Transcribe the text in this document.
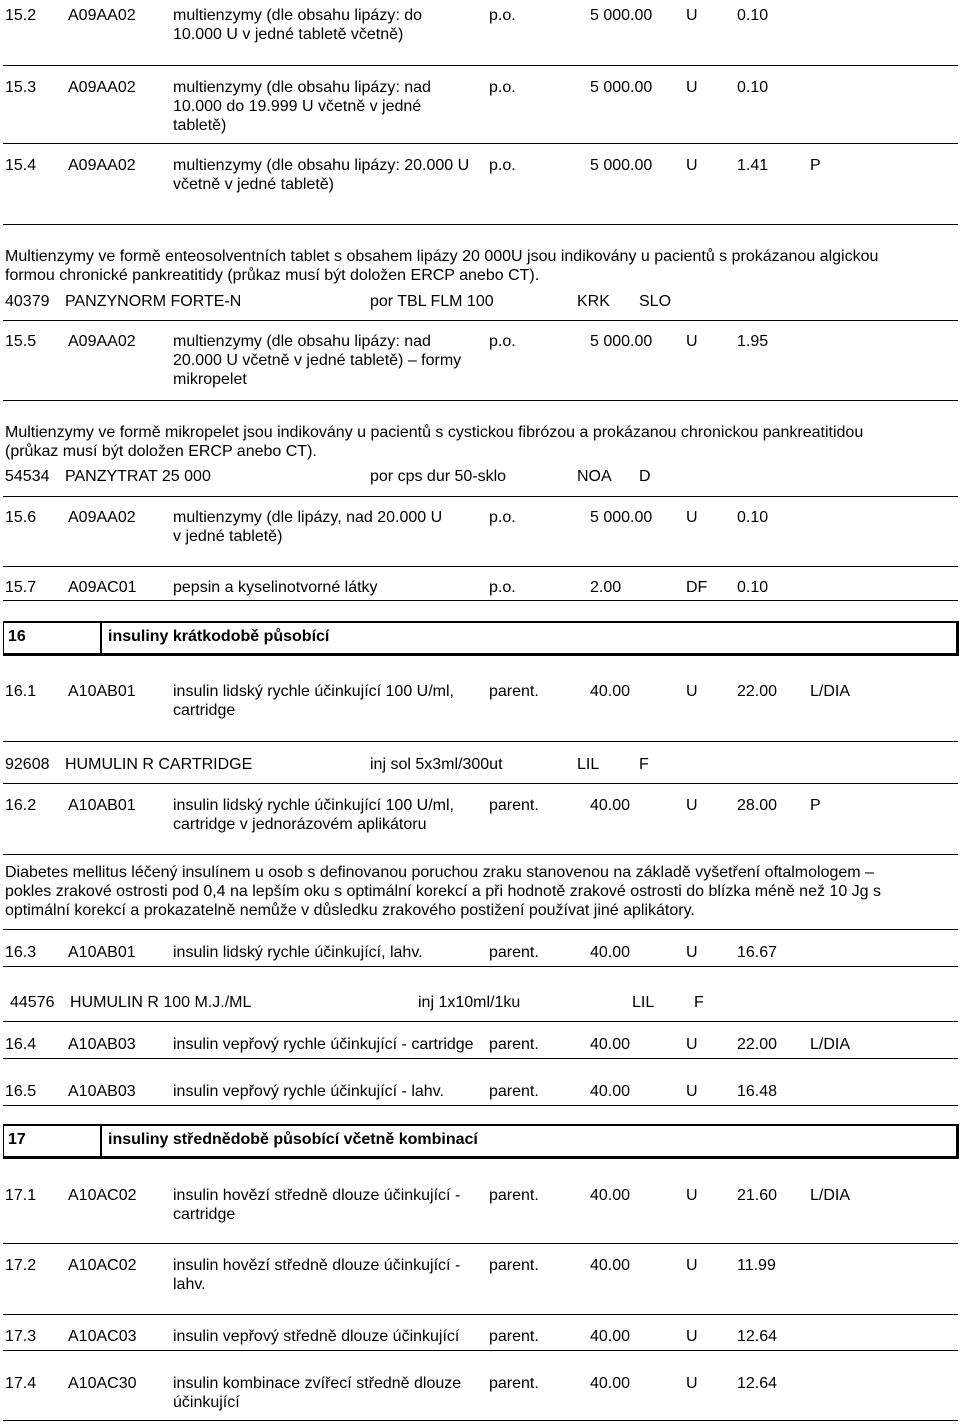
15.2 A09AA02 multienzymy (dle obsahu lipázy: do
10.000 U v jedné tabletě včetně)
p.o.	5 000.00 U 0.10
15.3 A09AA02 multienzymy (dle obsahu lipázy: nad
10.000 do 19.999 U včetně v jedné
tabletě)
p.o.	5 000.00 U 0.10
15.4 A09AA02 multienzymy (dle obsahu lipázy: 20.000 U
včetně v jedné tabletě)
p.o.	5 000.00 U 1.41	P
Multienzymy ve formě enteosolventních tablet s obsahem lipázy 20 000U jsou indikovány u pacientů s prokázanou algickou
formou chronické pankreatitidy (průkaz musí být doložen ERCP anebo CT).
40379 PANZYNORM FORTE-N	por TBL FLM 100	KRK SLO
15.5 A09AA02 multienzymy (dle obsahu lipázy: nad
20.000 U včetně v jedné tabletě) – formy
mikropelet
p.o.	5 000.00 U 1.95
Multienzymy ve formě mikropelet jsou indikovány u pacientů s cystickou fibrózou a prokázanou chronickou pankreatitidou
(průkaz musí být doložen ERCP anebo CT).
54534 PANZYTRAT 25 000	por cps dur 50-sklo	NOA D
15.6 A09AA02 multienzymy (dle lipázy, nad 20.000 U
v jedné tabletě)
p.o.	5 000.00 U 0.10
15.7 A09AC01 pepsin a kyselinotvorné látky	p.o.	2.00	DF 0.10
16	insuliny krátkodobě působící
16.1 A10AB01 insulin lidský rychle účinkující 100 U/ml,
cartridge
parent.	40.00	U 22.00 L/DIA
92608 HUMULIN R CARTRIDGE	inj sol 5x3ml/300ut	LIL F
16.2 A10AB01 insulin lidský rychle účinkující 100 U/ml,
cartridge v jednorázovém aplikátoru
parent.	40.00	U 28.00 P
Diabetes mellitus léčený insulínem u osob s definovanou poruchou zraku stanovenou na základě vyšetření oftalmologem –
pokles zrakové ostrosti pod 0,4 na lepším oku s optimální korekcí a při hodnotě zrakové ostrosti do blízka méně než 10 Jg s
optimální korekcí a prokazatelně nemůže v důsledku zrakového postižení používat jiné aplikátory.
16.3 A10AB01 insulin lidský rychle účinkující, lahv.	parent.	40.00	U 16.67
44576 HUMULIN R 100 M.J./ML	inj 1x10ml/1ku	LIL F
16.4 A10AB03 insulin vepřový rychle účinkující - cartridge parent.	40.00	U 22.00 L/DIA
16.5 A10AB03 insulin vepřový rychle účinkující - lahv.	parent.	40.00	U 16.48
17	insuliny střednědobě působící včetně kombinací
17.1 A10AC02 insulin hovězí středně dlouze účinkující -
cartridge
parent.	40.00	U 21.60 L/DIA
17.2 A10AC02 insulin hovězí středně dlouze účinkující -
lahv.
parent.	40.00	U 11.99
17.3 A10AC03 insulin vepřový středně dlouze účinkující parent.	40.00	U 12.64
17.4 A10AC30 insulin kombinace zvířecí středně dlouze
účinkující
parent.	40.00	U 12.64
